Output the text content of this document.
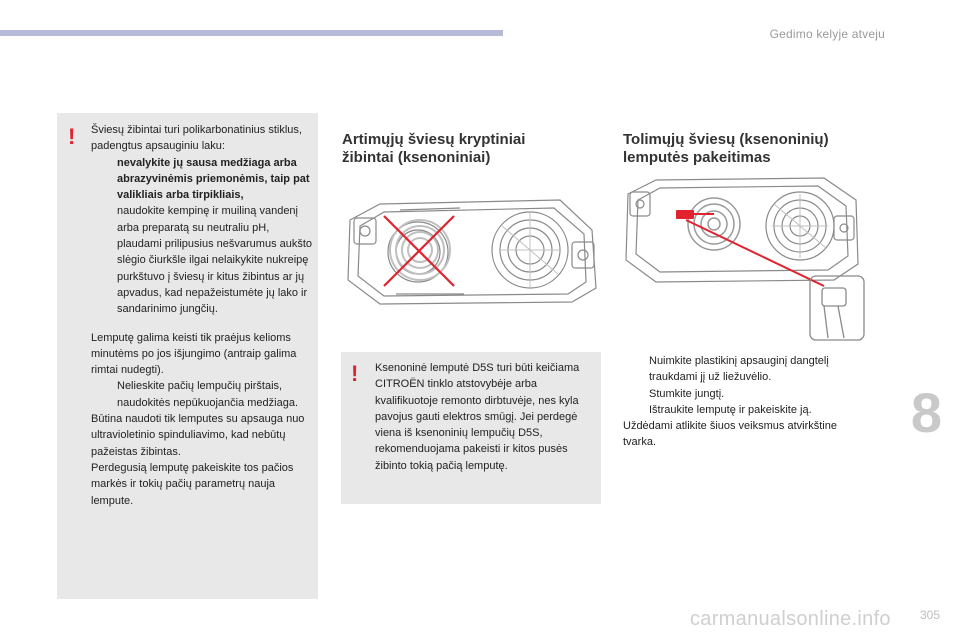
Gedimo kelyje atveju
8
305
carmanualsonline.info
! Šviesų žibintai turi polikarbonatinius stiklus, padengtus apsauginiu laku:

nevalykite jų sausa medžiaga arba abrazyvinėmis priemonėmis, taip pat valikliais arba tirpikliais,
naudokite kempinę ir muiliną vandenį arba preparatą su neutraliu pH,
plaudami prilipusius nešvarumus aukšto slėgio čiurkšle ilgai nelaikykite nukreipę purkštuvo į šviesų ir kitus žibintus ar jų apvadus, kad nepažeistumėte jų lako ir sandarinimo jungčių.

Lemputę galima keisti tik praėjus kelioms minutėms po jos išjungimo (antraip galima rimtai nudegti).

Nelieskite pačių lempučių pirštais, naudokitės nepūkuojančia medžiaga.

Būtina naudoti tik lemputes su apsauga nuo ultravioletinio spinduliavimo, kad nebūtų pažeistas žibintas.

Perdegusią lemputę pakeiskite tos pačios markės ir tokių pačių parametrų nauja lempute.

Artimųjų šviesų kryptiniai
žibintai (ksenoniniai)
! Ksenoninė lemputė D5S turi būti keičiama CITROËN tinklo atstovybėje arba kvalifikuotoje remonto dirbtuvėje, nes kyla pavojus gauti elektros smūgį. Jei perdegė viena iš ksenoninių lempučių D5S, rekomenduojama pakeisti ir kitos pusės žibinto tokią pačią lemputę.
Tolimųjų šviesų (ksenoninių)
lemputės pakeitimas
Nuimkite plastikinį apsauginį dangtelį traukdami jį už liežuvėlio.
Stumkite jungtį.
Ištraukite lemputę ir pakeiskite ją.

Uždėdami atlikite šiuos veiksmus atvirkštine tvarka.
